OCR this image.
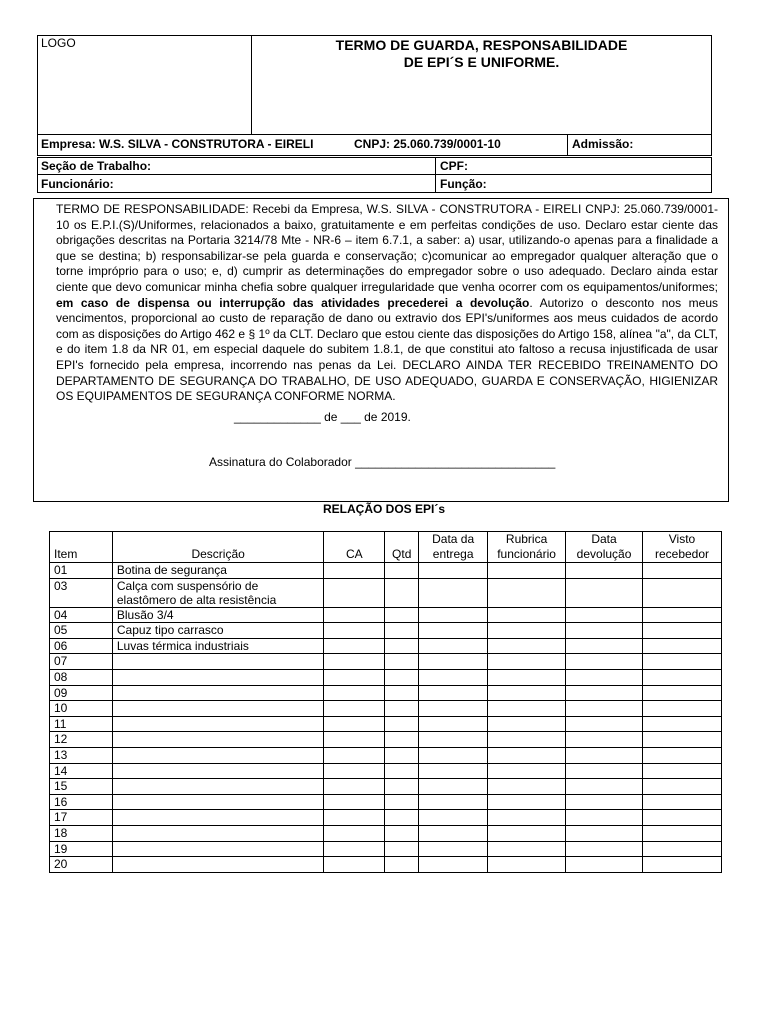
LOGO	TERMO DE GUARDA, RESPONSABILIDADE
DE EPI´S E UNIFORME.
Empresa: W.S. SILVA - CONSTRUTORA - EIRELI	CNPJ: 25.060.739/0001-10	Admissão:
Seção de Trabalho:	CPF:
Funcionário:	Função:
TERMO DE RESPONSABILIDADE: Recebi da Empresa, W.S. SILVA - CONSTRUTORA - EIRELI CNPJ: 25.060.739/0001-10 os E.P.I.(S)/Uniformes, relacionados a baixo, gratuitamente e em perfeitas condições de uso. Declaro estar ciente das obrigações descritas na Portaria 3214/78 Mte - NR-6 – item 6.7.1, a saber: a) usar, utilizando-o apenas para a finalidade a que se destina; b) responsabilizar-se pela guarda e conservação; c)comunicar ao empregador qualquer alteração que o torne impróprio para o uso; e, d) cumprir as determinações do empregador sobre o uso adequado. Declaro ainda estar ciente que devo comunicar minha chefia sobre qualquer irregularidade que venha ocorrer com os equipamentos/uniformes; em caso de dispensa ou interrupção das atividades precederei a devolução. Autorizo o desconto nos meus vencimentos, proporcional ao custo de reparação de dano ou extravio dos EPI's/uniformes aos meus cuidados de acordo com as disposições do Artigo 462 e § 1º da CLT. Declaro que estou ciente das disposições do Artigo 158, alínea "a", da CLT, e do item 1.8 da NR 01, em especial daquele do subitem 1.8.1, de que constitui ato faltoso a recusa injustificada de usar EPI's fornecido pela empresa, incorrendo nas penas da Lei. DECLARO AINDA TER RECEBIDO TREINAMENTO DO DEPARTAMENTO DE SEGURANÇA DO TRABALHO, DE USO ADEQUADO, GUARDA E CONSERVAÇÃO, HIGIENIZAR OS EQUIPAMENTOS DE SEGURANÇA CONFORME NORMA.
_____________ de ___ de 2019.
Assinatura do Colaborador ______________________________
RELAÇÃO DOS EPI´s
Item	Descrição	CA	Qtd	Data da entrega	Rubrica funcionário	Data devolução	Visto recebedor
01	Botina de segurança						
03	Calça com suspensório de elastômero de alta resistência						
04	Blusão 3/4						
05	Capuz tipo carrasco						
06	Luvas térmica industriais						
07							
08							
09							
10							
11							
12							
13							
14							
15							
16							
17							
18							
19							
20							
